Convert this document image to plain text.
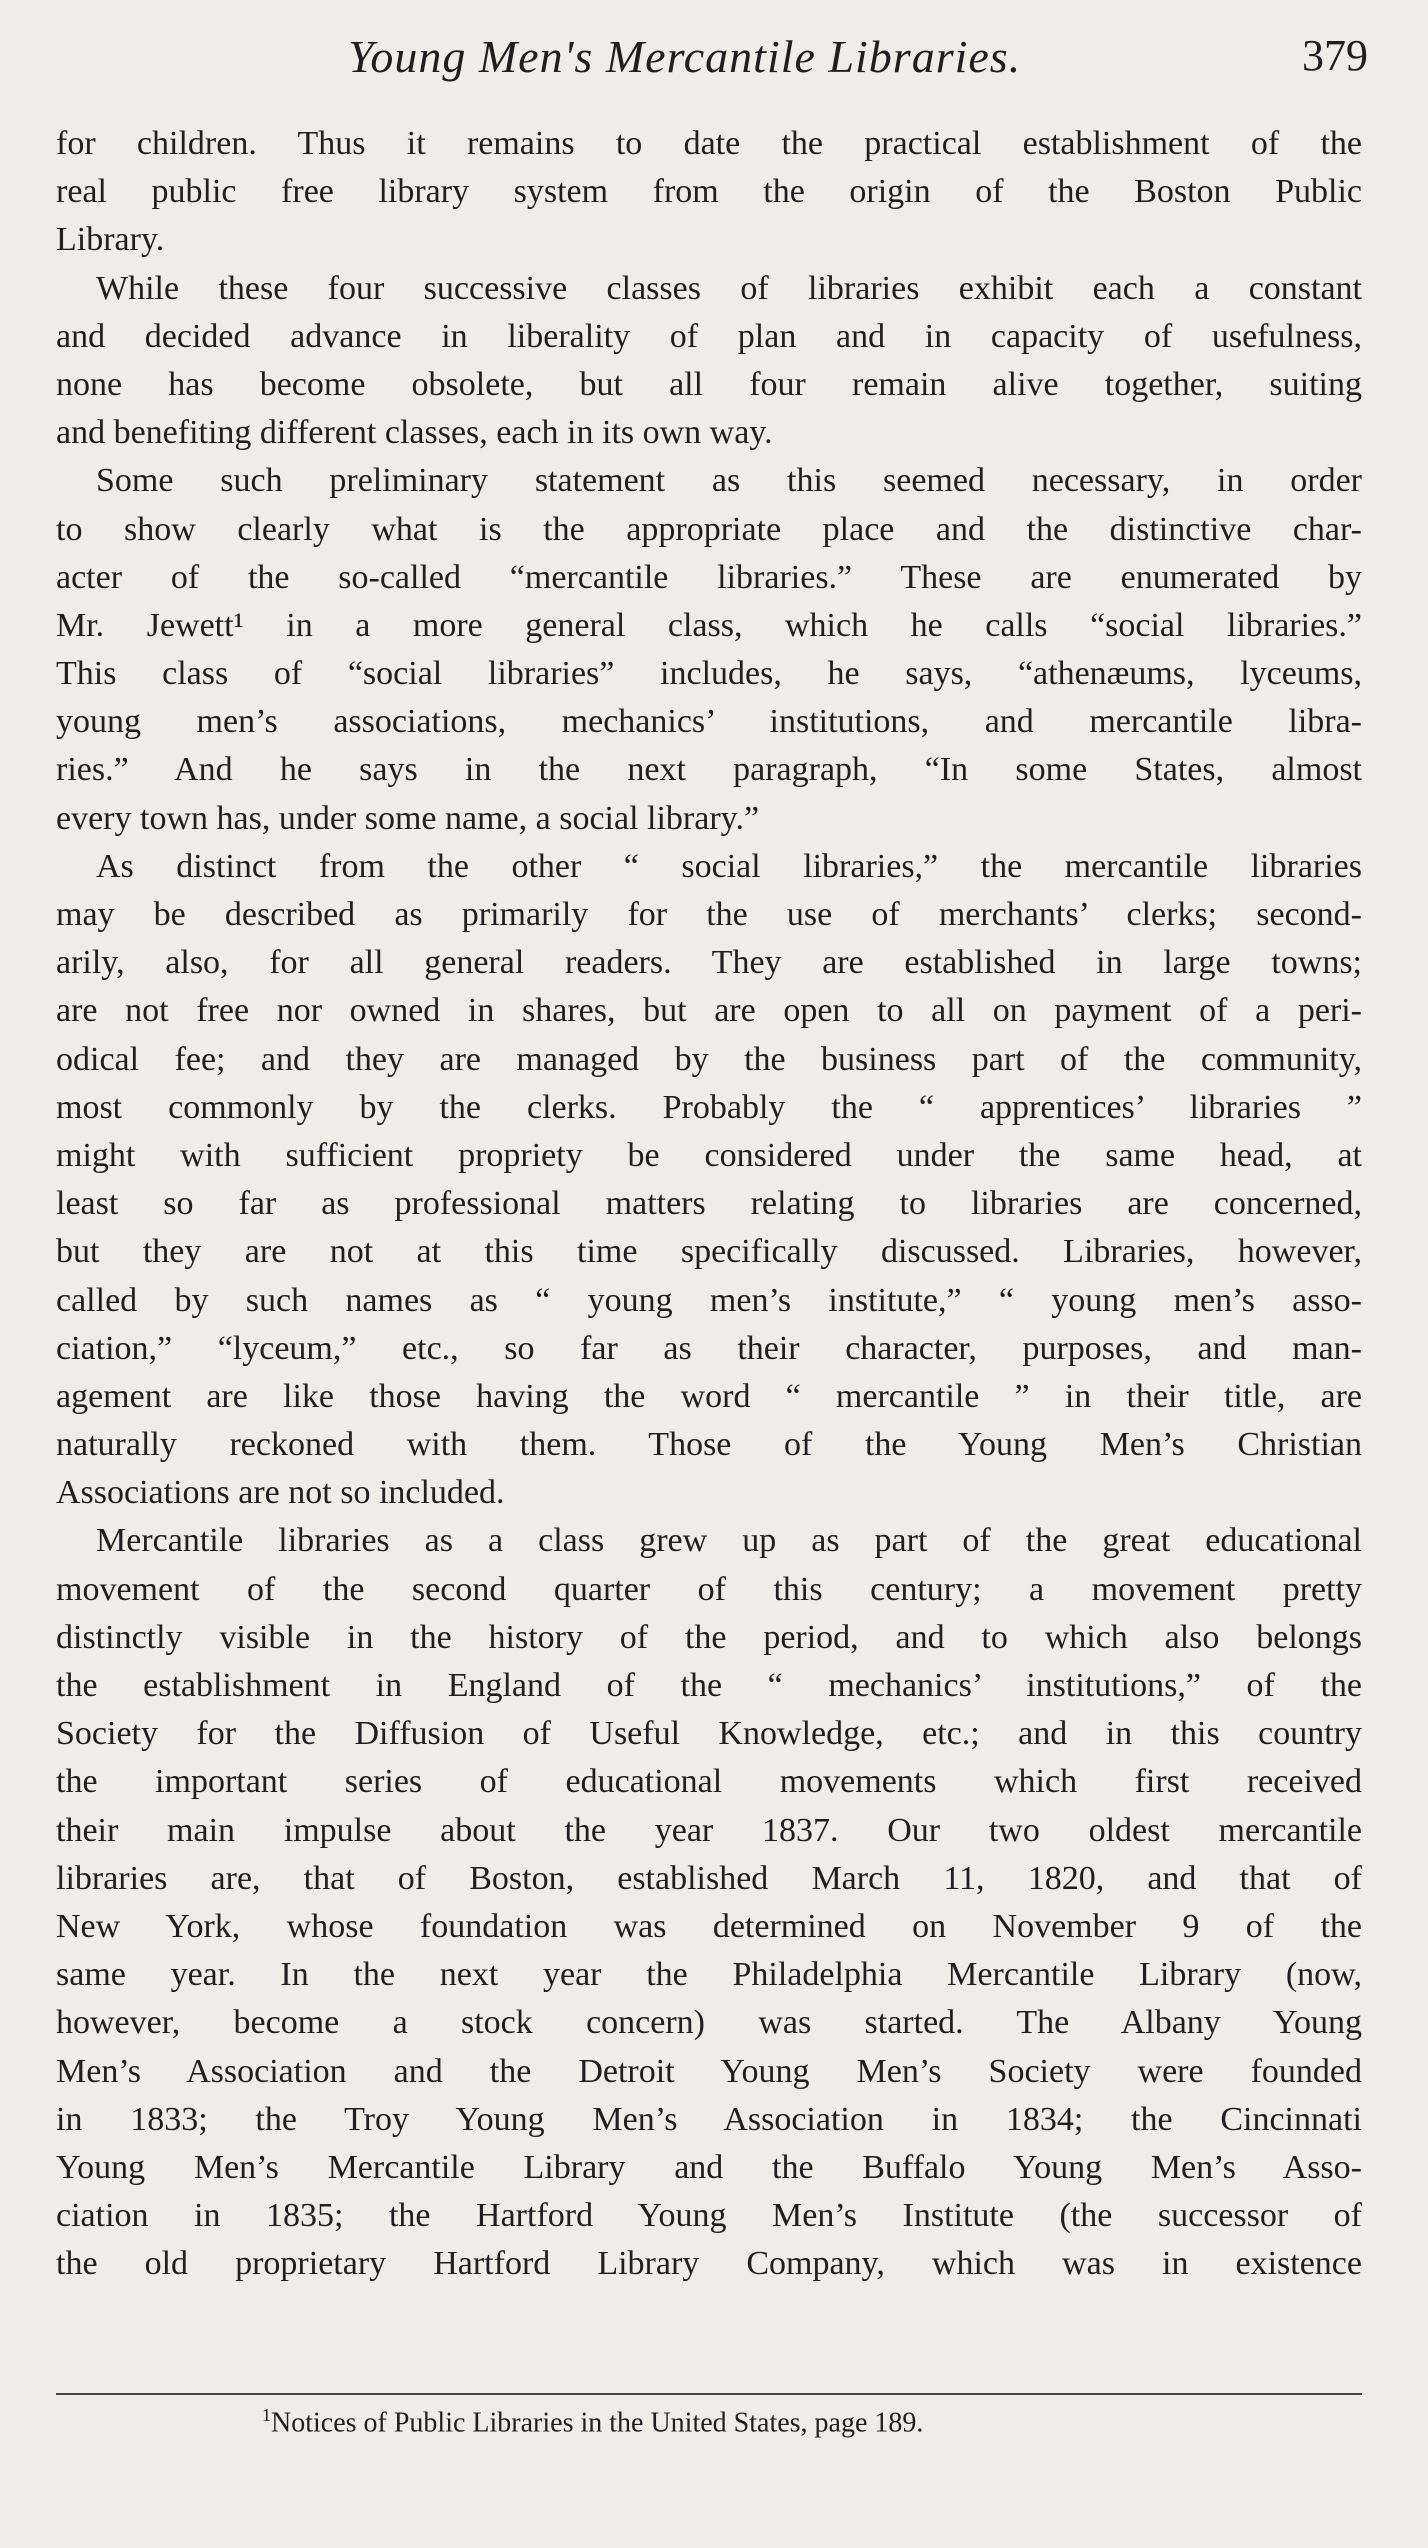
Young Men's Mercantile Libraries.	379
for children. Thus it remains to date the practical establishment of the
real public free library system from the origin of the Boston Public
Library.
While these four successive classes of libraries exhibit each a constant
and decided advance in liberality of plan and in capacity of usefulness,
none has become obsolete, but all four remain alive together, suiting
and benefiting different classes, each in its own way.
Some such preliminary statement as this seemed necessary, in order
to show clearly what is the appropriate place and the distinctive char-
acter of the so-called “mercantile libraries.” These are enumerated by
Mr. Jewett¹ in a more general class, which he calls “social libraries.”
This class of “social libraries” includes, he says, “athenæums, lyceums,
young men’s associations, mechanics’ institutions, and mercantile libra-
ries.” And he says in the next paragraph, “In some States, almost
every town has, under some name, a social library.”
As distinct from the other “ social libraries,” the mercantile libraries
may be described as primarily for the use of merchants’ clerks; second-
arily, also, for all general readers. They are established in large towns;
are not free nor owned in shares, but are open to all on payment of a peri-
odical fee; and they are managed by the business part of the community,
most commonly by the clerks. Probably the “ apprentices’ libraries ”
might with sufficient propriety be considered under the same head, at
least so far as professional matters relating to libraries are concerned,
but they are not at this time specifically discussed. Libraries, however,
called by such names as “ young men’s institute,” “ young men’s asso-
ciation,” “lyceum,” etc., so far as their character, purposes, and man-
agement are like those having the word “ mercantile ” in their title, are
naturally reckoned with them. Those of the Young Men’s Christian
Associations are not so included.
Mercantile libraries as a class grew up as part of the great educational
movement of the second quarter of this century; a movement pretty
distinctly visible in the history of the period, and to which also belongs
the establishment in England of the “ mechanics’ institutions,” of the
Society for the Diffusion of Useful Knowledge, etc.; and in this country
the important series of educational movements which first received
their main impulse about the year 1837. Our two oldest mercantile
libraries are, that of Boston, established March 11, 1820, and that of
New York, whose foundation was determined on November 9 of the
same year. In the next year the Philadelphia Mercantile Library (now,
however, become a stock concern) was started. The Albany Young
Men’s Association and the Detroit Young Men’s Society were founded
in 1833; the Troy Young Men’s Association in 1834; the Cincinnati
Young Men’s Mercantile Library and the Buffalo Young Men’s Asso-
ciation in 1835; the Hartford Young Men’s Institute (the successor of
the old proprietary Hartford Library Company, which was in existence
$^1$Notices of Public Libraries in the United States, page 189.
